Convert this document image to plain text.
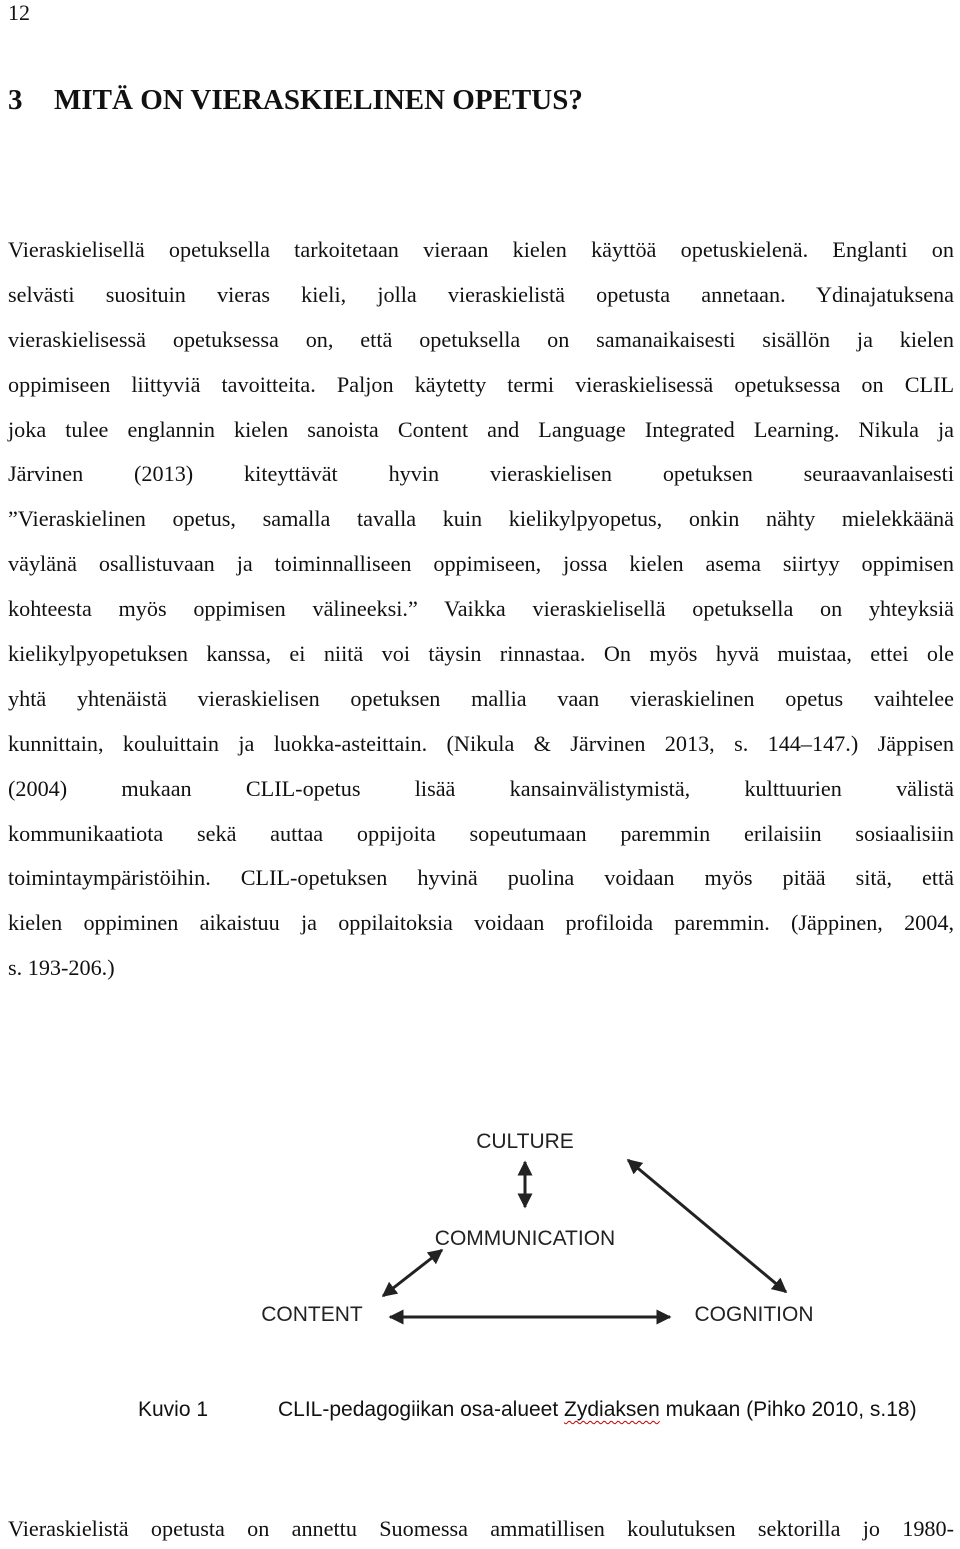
12
3 MITÄ ON VIERASKIELINEN OPETUS?
Vieraskielisellä opetuksella tarkoitetaan vieraan kielen käyttöä opetuskielenä. Englanti on
selvästi suosituin vieras kieli, jolla vieraskielistä opetusta annetaan. Ydinajatuksena
vieraskielisessä opetuksessa on, että opetuksella on samanaikaisesti sisällön ja kielen
oppimiseen liittyviä tavoitteita. Paljon käytetty termi vieraskielisessä opetuksessa on CLIL
joka tulee englannin kielen sanoista Content and Language Integrated Learning. Nikula ja
Järvinen (2013) kiteyttävät hyvin vieraskielisen opetuksen seuraavanlaisesti
”Vieraskielinen opetus, samalla tavalla kuin kielikylpyopetus, onkin nähty mielekkäänä
väylänä osallistuvaan ja toiminnalliseen oppimiseen, jossa kielen asema siirtyy oppimisen
kohteesta myös oppimisen välineeksi.” Vaikka vieraskielisellä opetuksella on yhteyksiä
kielikylpyopetuksen kanssa, ei niitä voi täysin rinnastaa. On myös hyvä muistaa, ettei ole
yhtä yhtenäistä vieraskielisen opetuksen mallia vaan vieraskielinen opetus vaihtelee
kunnittain, kouluittain ja luokka-asteittain. (Nikula & Järvinen 2013, s. 144–147.) Jäppisen
(2004) mukaan CLIL-opetus lisää kansainvälistymistä, kulttuurien välistä
kommunikaatiota sekä auttaa oppijoita sopeutumaan paremmin erilaisiin sosiaalisiin
toimintaympäristöihin. CLIL-opetuksen hyvinä puolina voidaan myös pitää sitä, että
kielen oppiminen aikaistuu ja oppilaitoksia voidaan profiloida paremmin. (Jäppinen, 2004,
s. 193-206.)
CULTURE
COMMUNICATION
CONTENT	COGNITION
Kuvio 1	CLIL-pedagogiikan osa-alueet Zydiaksen mukaan (Pihko 2010, s.18)
Vieraskielistä opetusta on annettu Suomessa ammatillisen koulutuksen sektorilla jo 1980-
